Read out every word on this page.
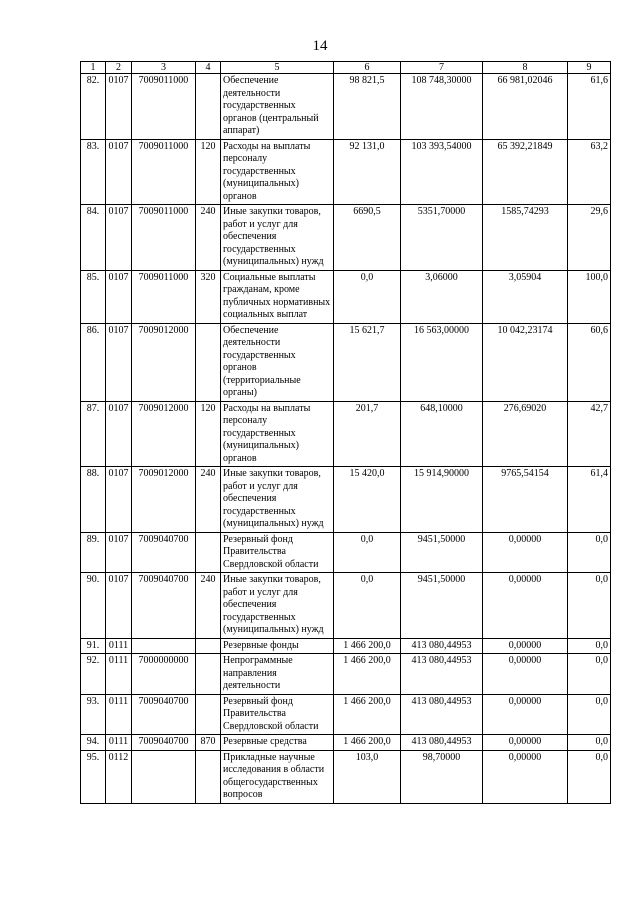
14
1	2	3	4	5	6	7	8	9
82.	0107	7009011000		Обеспечение деятельности государственных органов (центральный аппарат)	98 821,5	108 748,30000	66 981,02046	61,6
83.	0107	7009011000	120	Расходы на выплаты персоналу государственных (муниципальных) органов	92 131,0	103 393,54000	65 392,21849	63,2
84.	0107	7009011000	240	Иные закупки товаров, работ и услуг для обеспечения государственных (муниципальных) нужд	6690,5	5351,70000	1585,74293	29,6
85.	0107	7009011000	320	Социальные выплаты гражданам, кроме публичных нормативных социальных выплат	0,0	3,06000	3,05904	100,0
86.	0107	7009012000		Обеспечение деятельности государственных органов (территориальные органы)	15 621,7	16 563,00000	10 042,23174	60,6
87.	0107	7009012000	120	Расходы на выплаты персоналу государственных (муниципальных) органов	201,7	648,10000	276,69020	42,7
88.	0107	7009012000	240	Иные закупки товаров, работ и услуг для обеспечения государственных (муниципальных) нужд	15 420,0	15 914,90000	9765,54154	61,4
89.	0107	7009040700		Резервный фонд Правительства Свердловской области	0,0	9451,50000	0,00000	0,0
90.	0107	7009040700	240	Иные закупки товаров, работ и услуг для обеспечения государственных (муниципальных) нужд	0,0	9451,50000	0,00000	0,0
91.	0111			Резервные фонды	1 466 200,0	413 080,44953	0,00000	0,0
92.	0111	7000000000		Непрограммные направления деятельности	1 466 200,0	413 080,44953	0,00000	0,0
93.	0111	7009040700		Резервный фонд Правительства Свердловской области	1 466 200,0	413 080,44953	0,00000	0,0
94.	0111	7009040700	870	Резервные средства	1 466 200,0	413 080,44953	0,00000	0,0
95.	0112			Прикладные научные исследования в области общегосударственных вопросов	103,0	98,70000	0,00000	0,0
